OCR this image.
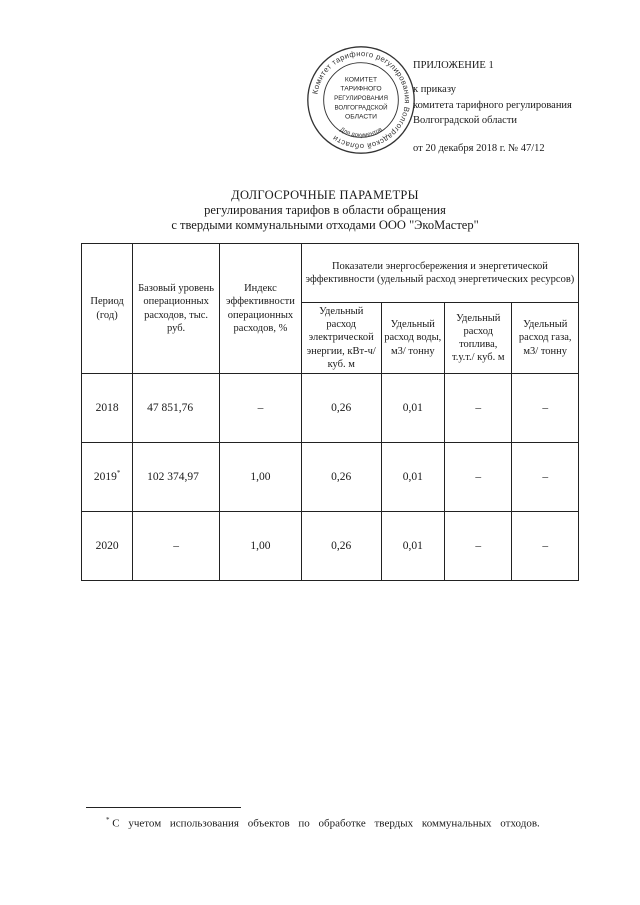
Комитет тарифного регулирования Волгоградской области
Для документов
КОМИТЕТ
ТАРИФНОГО
РЕГУЛИРОВАНИЯ
ВОЛГОГРАДСКОЙ
ОБЛАСТИ
ПРИЛОЖЕНИЕ 1
к приказу
комитета тарифного регулирования
Волгоградской области
от 20 декабря 2018 г. № 47/12
ДОЛГОСРОЧНЫЕ ПАРАМЕТРЫ
регулирования тарифов в области обращения
с твердыми коммунальными отходами ООО "ЭкоМастер"
Период (год)	Базовый уровень операционных расходов, тыс. руб.	Индекс эффективности операционных расходов, %	Показатели энергосбережения и энергетической эффективности (удельный расход энергетических ресурсов)			
			Удельный расход электрической энергии, кВт-ч/ куб. м	Удельный расход воды, м3/ тонну	Удельный расход топлива, т.у.т./ куб. м	Удельный расход газа, м3/ тонну
2018	47 851,76	–	0,26	0,01	–	–
2019*	102 374,97	1,00	0,26	0,01	–	–
2020	–	1,00	0,26	0,01	–	–
* С учетом использования объектов по обработке твердых коммунальных отходов.
